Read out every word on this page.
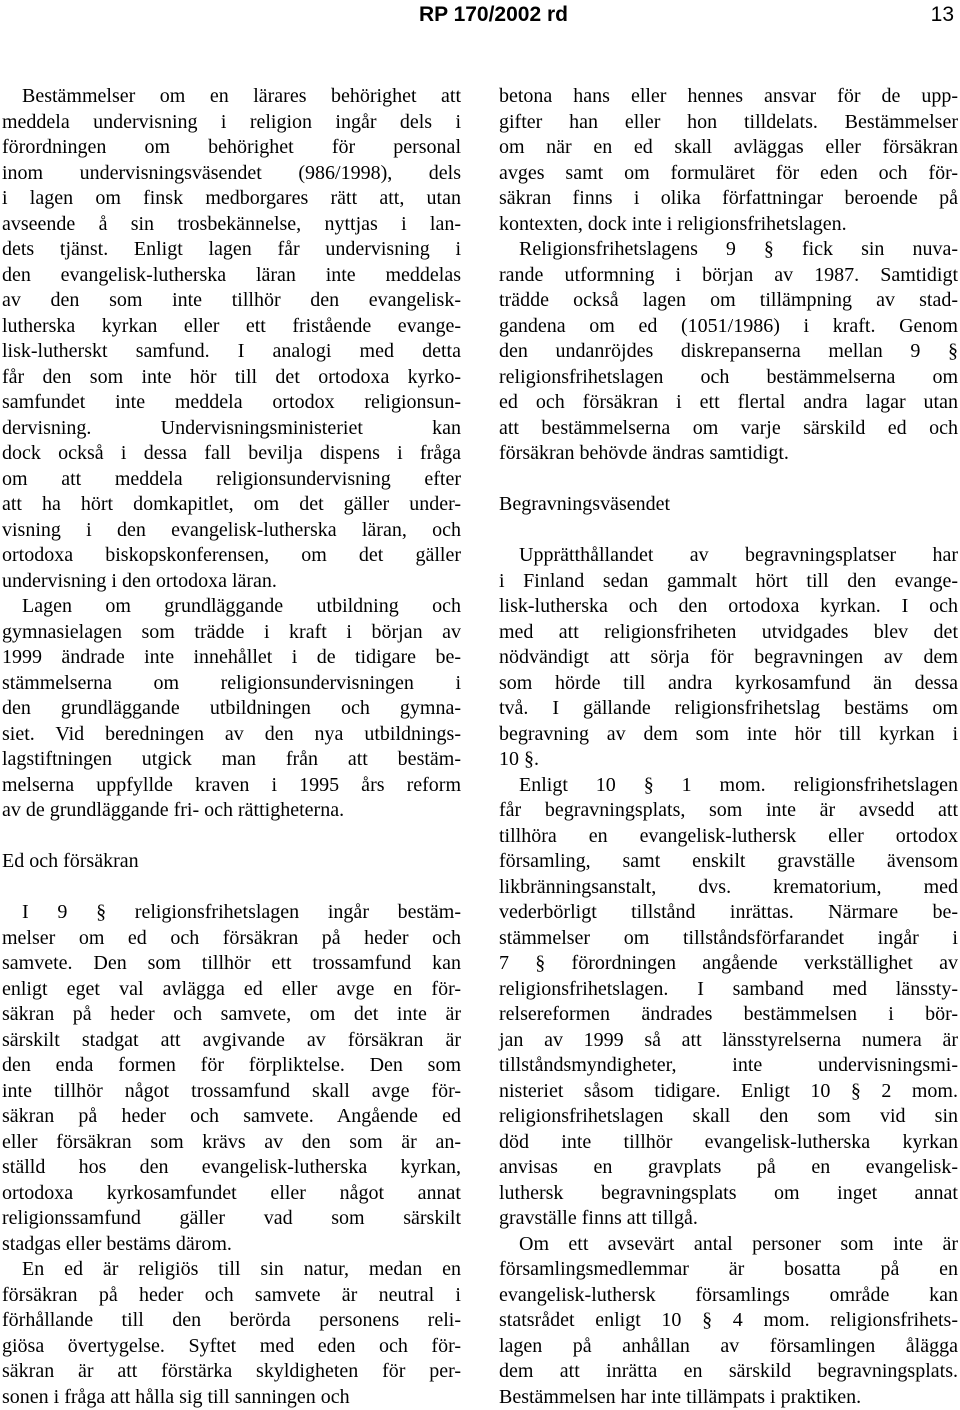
RP 170/2002 rd	13
Bestämmelser om en lärares behörighet att
meddela undervisning i religion ingår dels i
förordningen om behörighet för personal
inom undervisningsväsendet (986/1998), dels
i lagen om finsk medborgares rätt att, utan
avseende å sin trosbekännelse, nyttjas i lan-
dets tjänst. Enligt lagen får undervisning i
den evangelisk-lutherska läran inte meddelas
av den som inte tillhör den evangelisk-
lutherska kyrkan eller ett fristående evange-
lisk-lutherskt samfund. I analogi med detta
får den som inte hör till det ortodoxa kyrko-
samfundet inte meddela ortodox religionsun-
dervisning. Undervisningsministeriet kan
dock också i dessa fall bevilja dispens i fråga
om att meddela religionsundervisning efter
att ha hört domkapitlet, om det gäller under-
visning i den evangelisk-lutherska läran, och
ortodoxa biskopskonferensen, om det gäller
undervisning i den ortodoxa läran.
Lagen om grundläggande utbildning och
gymnasielagen som trädde i kraft i början av
1999 ändrade inte innehållet i de tidigare be-
stämmelserna om religionsundervisningen i
den grundläggande utbildningen och gymna-
siet. Vid beredningen av den nya utbildnings-
lagstiftningen utgick man från att bestäm-
melserna uppfyllde kraven i 1995 års reform
av de grundläggande fri- och rättigheterna.
Ed och försäkran
I 9 § religionsfrihetslagen ingår bestäm-
melser om ed och försäkran på heder och
samvete. Den som tillhör ett trossamfund kan
enligt eget val avlägga ed eller avge en för-
säkran på heder och samvete, om det inte är
särskilt stadgat att avgivande av försäkran är
den enda formen för förpliktelse. Den som
inte tillhör något trossamfund skall avge för-
säkran på heder och samvete. Angående ed
eller försäkran som krävs av den som är an-
ställd hos den evangelisk-lutherska kyrkan,
ortodoxa kyrkosamfundet eller något annat
religionssamfund gäller vad som särskilt
stadgas eller bestäms därom.
En ed är religiös till sin natur, medan en
försäkran på heder och samvete är neutral i
förhållande till den berörda personens reli-
giösa övertygelse. Syftet med eden och för-
säkran är att förstärka skyldigheten för per-
sonen i fråga att hålla sig till sanningen och
betona hans eller hennes ansvar för de upp-
gifter han eller hon tilldelats. Bestämmelser
om när en ed skall avläggas eller försäkran
avges samt om formuläret för eden och för-
säkran finns i olika författningar beroende på
kontexten, dock inte i religionsfrihetslagen.
Religionsfrihetslagens 9 § fick sin nuva-
rande utformning i början av 1987. Samtidigt
trädde också lagen om tillämpning av stad-
gandena om ed (1051/1986) i kraft. Genom
den undanröjdes diskrepanserna mellan 9 §
religionsfrihetslagen och bestämmelserna om
ed och försäkran i ett flertal andra lagar utan
att bestämmelserna om varje särskild ed och
försäkran behövde ändras samtidigt.
Begravningsväsendet
Upprätthållandet av begravningsplatser har
i Finland sedan gammalt hört till den evange-
lisk-lutherska och den ortodoxa kyrkan. I och
med att religionsfriheten utvidgades blev det
nödvändigt att sörja för begravningen av dem
som hörde till andra kyrkosamfund än dessa
två. I gällande religionsfrihetslag bestäms om
begravning av dem som inte hör till kyrkan i
10 §.
Enligt 10 § 1 mom. religionsfrihetslagen
får begravningsplats, som inte är avsedd att
tillhöra en evangelisk-luthersk eller ortodox
församling, samt enskilt gravställe ävensom
likbränningsanstalt, dvs. krematorium, med
vederbörligt tillstånd inrättas. Närmare be-
stämmelser om tillståndsförfarandet ingår i
7 § förordningen angående verkställighet av
religionsfrihetslagen. I samband med länssty-
relsereformen ändrades bestämmelsen i bör-
jan av 1999 så att länsstyrelserna numera är
tillståndsmyndigheter, inte undervisningsmi-
nisteriet såsom tidigare. Enligt 10 § 2 mom.
religionsfrihetslagen skall den som vid sin
död inte tillhör evangelisk-lutherska kyrkan
anvisas en gravplats på en evangelisk-
luthersk begravningsplats om inget annat
gravställe finns att tillgå.
Om ett avsevärt antal personer som inte är
församlingsmedlemmar är bosatta på en
evangelisk-luthersk församlings område kan
statsrådet enligt 10 § 4 mom. religionsfrihets-
lagen på anhållan av församlingen ålägga
dem att inrätta en särskild begravningsplats.
Bestämmelsen har inte tillämpats i praktiken.
